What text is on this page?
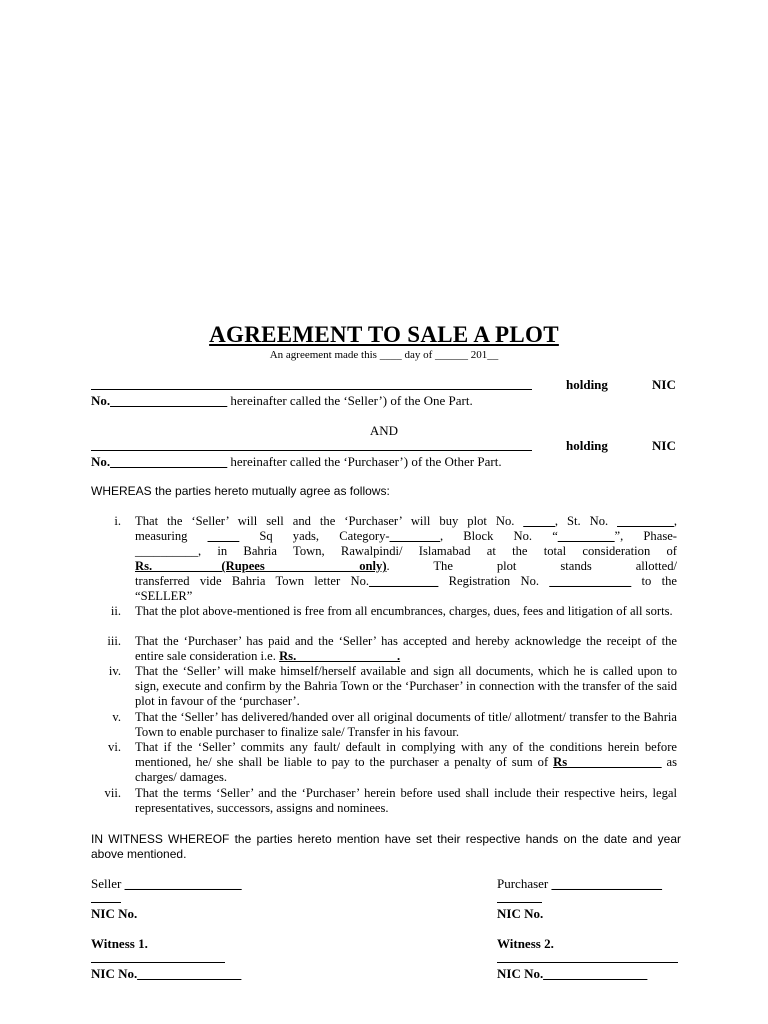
AGREEMENT TO SALE A PLOT
An agreement made this ____ day of ______ 201__
holding	NIC
No.__________________ hereinafter called the ‘Seller’) of the One Part.
AND
holding	NIC
No.__________________ hereinafter called the ‘Purchaser’) of the Other Part.
WHEREAS the parties hereto mutually agree as follows:
i. That the ‘Seller’ will sell and the ‘Purchaser’ will buy plot No. _____, St. No. _________,
measuring _____ Sq yads, Category-________, Block No. “_________”, Phase-
__________, in Bahria Town, Rawalpindi/ Islamabad at the total consideration of
Rs.___________(Rupees_______________only). The plot stands allotted/
transferred vide Bahria Town letter No.___________ Registration No. _____________ to the
“SELLER”
ii. That the plot above-mentioned is free from all encumbrances, charges, dues, fees and litigation of all sorts.
iii. That the ‘Purchaser’ has paid and the ‘Seller’ has accepted and hereby acknowledge the receipt of the entire sale consideration i.e. Rs.________________.
iv. That the ‘Seller’ will make himself/herself available and sign all documents, which he is called upon to sign, execute and confirm by the Bahria Town or the ‘Purchaser’ in connection with the transfer of the said plot in favour of the ‘purchaser’.
v. That the ‘Seller’ has delivered/handed over all original documents of title/ allotment/ transfer to the Bahria Town to enable purchaser to finalize sale/ Transfer in his favour.
vi. That if the ‘Seller’ commits any fault/ default in complying with any of the conditions herein before mentioned, he/ she shall be liable to pay to the purchaser a penalty of sum of Rs_______________ as charges/ damages.
vii. That the terms ‘Seller’ and the ‘Purchaser’ herein before used shall include their respective heirs, legal representatives, successors, assigns and nominees.
IN WITNESS WHEREOF the parties hereto mention have set their respective hands on the date and year above mentioned.
Seller __________________	Purchaser _________________
NIC No.	NIC No.
Witness 1.	Witness 2.
NIC No.________________	NIC No.________________
